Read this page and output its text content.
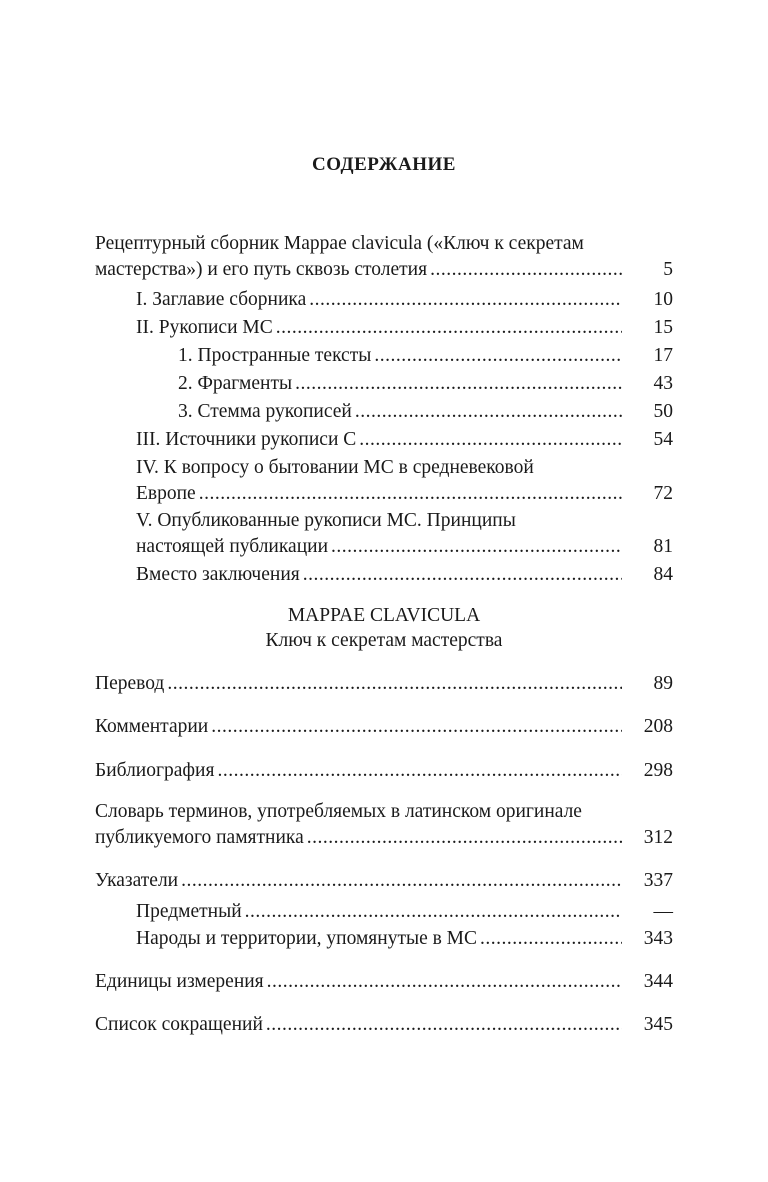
СОДЕРЖАНИЕ
Рецептурный сборник Mappae clavicula («Ключ к секретам
мастерства») и его путь сквозь столетия .....	5
I. Заглавие сборника .....	10
II. Рукописи МС .....	15
1. Пространные тексты .....	17
2. Фрагменты .....	43
3. Стемма рукописей .....	50
III. Источники рукописи С .....	54
IV. К вопросу о бытовании МС в средневековой
Европе .....	72
V. Опубликованные рукописи МС. Принципы
настоящей публикации .....	81
Вместо заключения .....	84
MAPPAE CLAVICULA
Ключ к секретам мастерства
Перевод .....	89
Комментарии .....	208
Библиография .....	298
Словарь терминов, употребляемых в латинском оригинале
публикуемого памятника .....	312
Указатели .....	337
Предметный .....	—
Народы и территории, упомянутые в МС .....	343
Единицы измерения .....	344
Список сокращений .....	345
